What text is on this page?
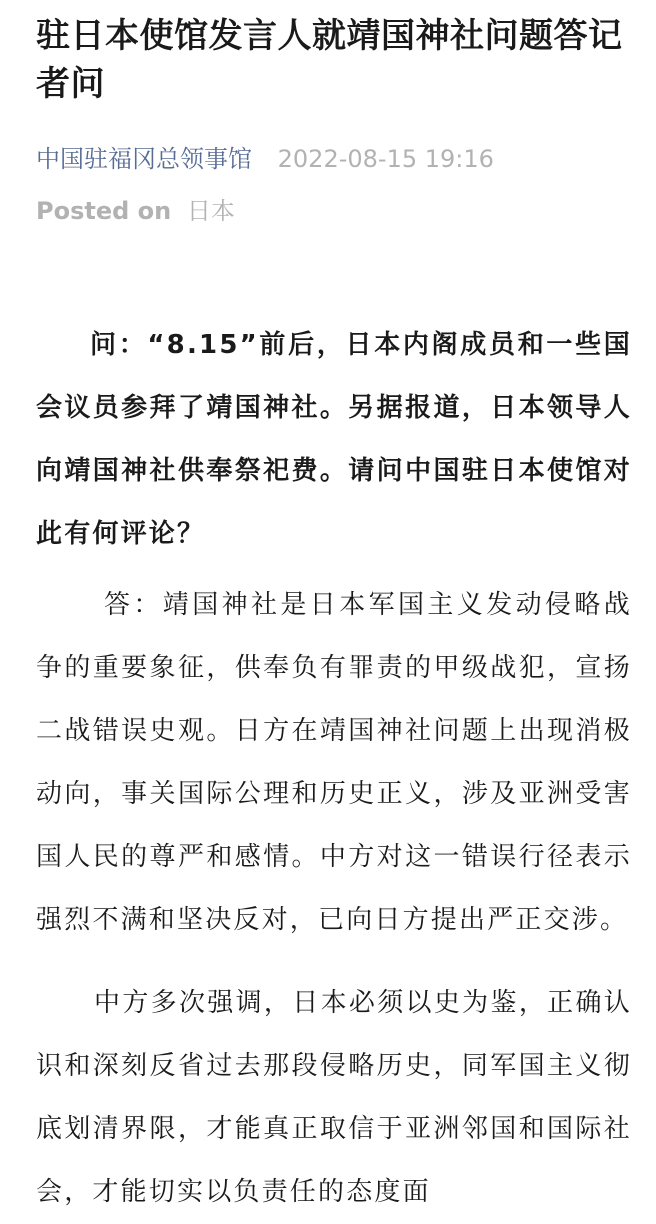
驻日本使馆发言人就靖国神社问题答记者问
中国驻福冈总领事馆 2022-08-15 19:16
Posted on 日本

问：“8.15”前后，日本内阁成员和一些国会议员参拜了靖国神社。另据报道，日本领导人向靖国神社供奉祭祀费。请问中国驻日本使馆对此有何评论？

答：靖国神社是日本军国主义发动侵略战争的重要象征，供奉负有罪责的甲级战犯，宣扬二战错误史观。日方在靖国神社问题上出现消极动向，事关国际公理和历史正义，涉及亚洲受害国人民的尊严和感情。中方对这一错误行径表示强烈不满和坚决反对，已向日方提出严正交涉。

中方多次强调，日本必须以史为鉴，正确认识和深刻反省过去那段侵略历史，同军国主义彻底划清界限，才能真正取信于亚洲邻国和国际社会，才能切实以负责任的态度面
